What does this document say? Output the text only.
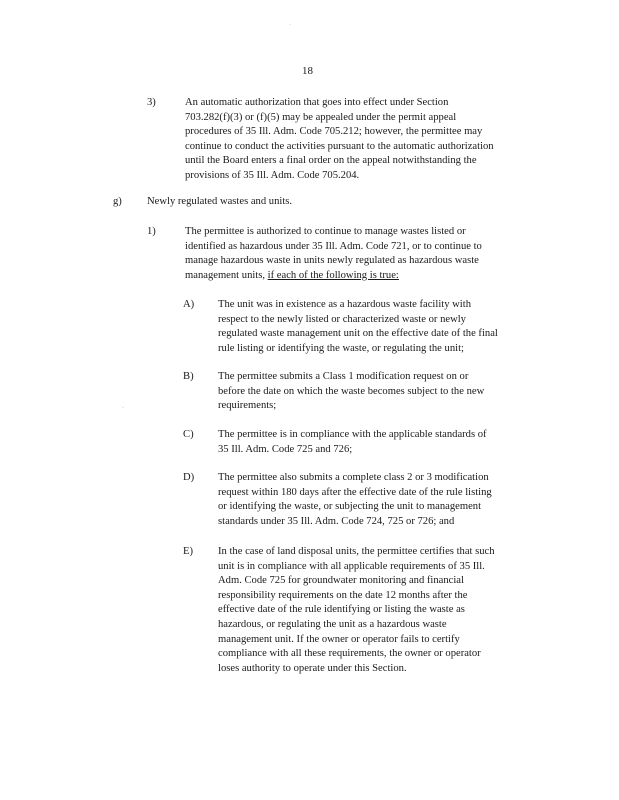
·
·
18
3)	An automatic authorization that goes into effect under Section

703.282(f)(3) or (f)(5) may be appealed under the permit appeal

procedures of 35 Ill. Adm. Code 705.212; however, the permittee may

continue to conduct the activities pursuant to the automatic authorization

until the Board enters a final order on the appeal notwithstanding the

provisions of 35 Ill. Adm. Code 705.204.

g) Newly regulated wastes and units.

1)	The permittee is authorized to continue to manage wastes listed or

identified as hazardous under 35 Ill. Adm. Code 721, or to continue to

manage hazardous waste in units newly regulated as hazardous waste

management units, if each of the following is true:

A) The unit was in existence as a hazardous waste facility with

respect to the newly listed or characterized waste or newly

regulated waste management unit on the effective date of the final

rule listing or identifying the waste, or regulating the unit;

B) The permittee submits a Class 1 modification request on or

before the date on which the waste becomes subject to the new

requirements;

C) The permittee is in compliance with the applicable standards of

35 Ill. Adm. Code 725 and 726;

D) The permittee also submits a complete class 2 or 3 modification

request within 180 days after the effective date of the rule listing

or identifying the waste, or subjecting the unit to management

standards under 35 Ill. Adm. Code 724, 725 or 726; and

E) In the case of land disposal units, the permittee certifies that such

unit is in compliance with all applicable requirements of 35 Ill.

Adm. Code 725 for groundwater monitoring and financial

responsibility requirements on the date 12 months after the

effective date of the rule identifying or listing the waste as

hazardous, or regulating the unit as a hazardous waste

management unit. If the owner or operator fails to certify

compliance with all these requirements, the owner or operator

loses authority to operate under this Section.
